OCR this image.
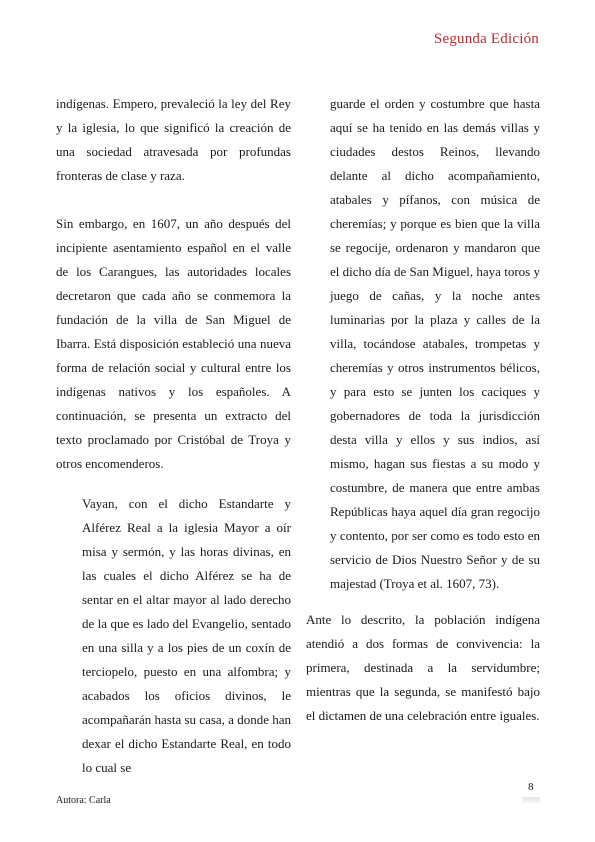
Segunda Edición

indígenas. Empero, prevaleció la ley del Rey y la iglesia, lo que significó la creación de una sociedad atravesada por profundas fronteras de clase y raza.

Sin embargo, en 1607, un año después del incipiente asentamiento español en el valle de los Carangues, las autoridades locales decretaron que cada año se conmemora la fundación de la villa de San Miguel de Ibarra. Está disposición estableció una nueva forma de relación social y cultural entre los indígenas nativos y los españoles. A continuación, se presenta un extracto del texto proclamado por Cristóbal de Troya y otros encomenderos.

Vayan, con el dicho Estandarte y Alférez Real a la iglesia Mayor a oír misa y sermón, y las horas divinas, en las cuales el dicho Alférez se ha de sentar en el altar mayor al lado derecho de la que es lado del Evangelio, sentado en una silla y a los pies de un coxín de terciopelo, puesto en una alfombra; y acabados los oficios divinos, le acompañarán hasta su casa, a donde han dexar el dicho Estandarte Real, en todo lo cual se

guarde el orden y costumbre que hasta aquí se ha tenido en las demás villas y ciudades destos Reinos, llevando delante al dicho acompañamiento, atabales y pífanos, con música de cheremías; y porque es bien que la villa se regocije, ordenaron y mandaron que el dicho día de San Miguel, haya toros y juego de cañas, y la noche antes luminarias por la plaza y calles de la villa, tocándose atabales, trompetas y cheremías y otros instrumentos bélicos, y para esto se junten los caciques y gobernadores de toda la jurisdicción desta villa y ellos y sus indios, así mismo, hagan sus fiestas a su modo y costumbre, de manera que entre ambas Repúblicas haya aquel día gran regocijo y contento, por ser como es todo esto en servicio de Dios Nuestro Señor y de su majestad (Troya et al. 1607, 73).

Ante lo descrito, la población indígena atendió a dos formas de convivencia: la primera, destinada a la servidumbre; mientras que la segunda, se manifestó bajo el dictamen de una celebración entre iguales.

8
Autora: Carla
